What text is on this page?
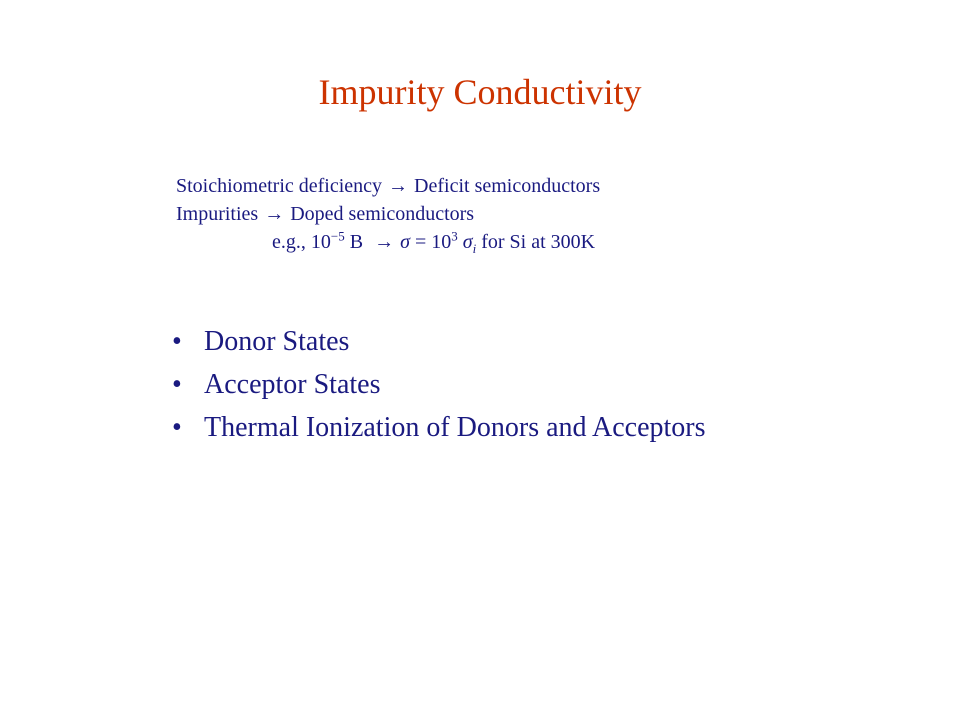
Impurity Conductivity
Stoichiometric deficiency → Deficit semiconductors
Impurities → Doped semiconductors
e.g., $10^{-5}$ $B \to \sigma = 10^3$ $\sigma_i$ for Si at 300K
• Donor States
• Acceptor States
• Thermal Ionization of Donors and Acceptors
